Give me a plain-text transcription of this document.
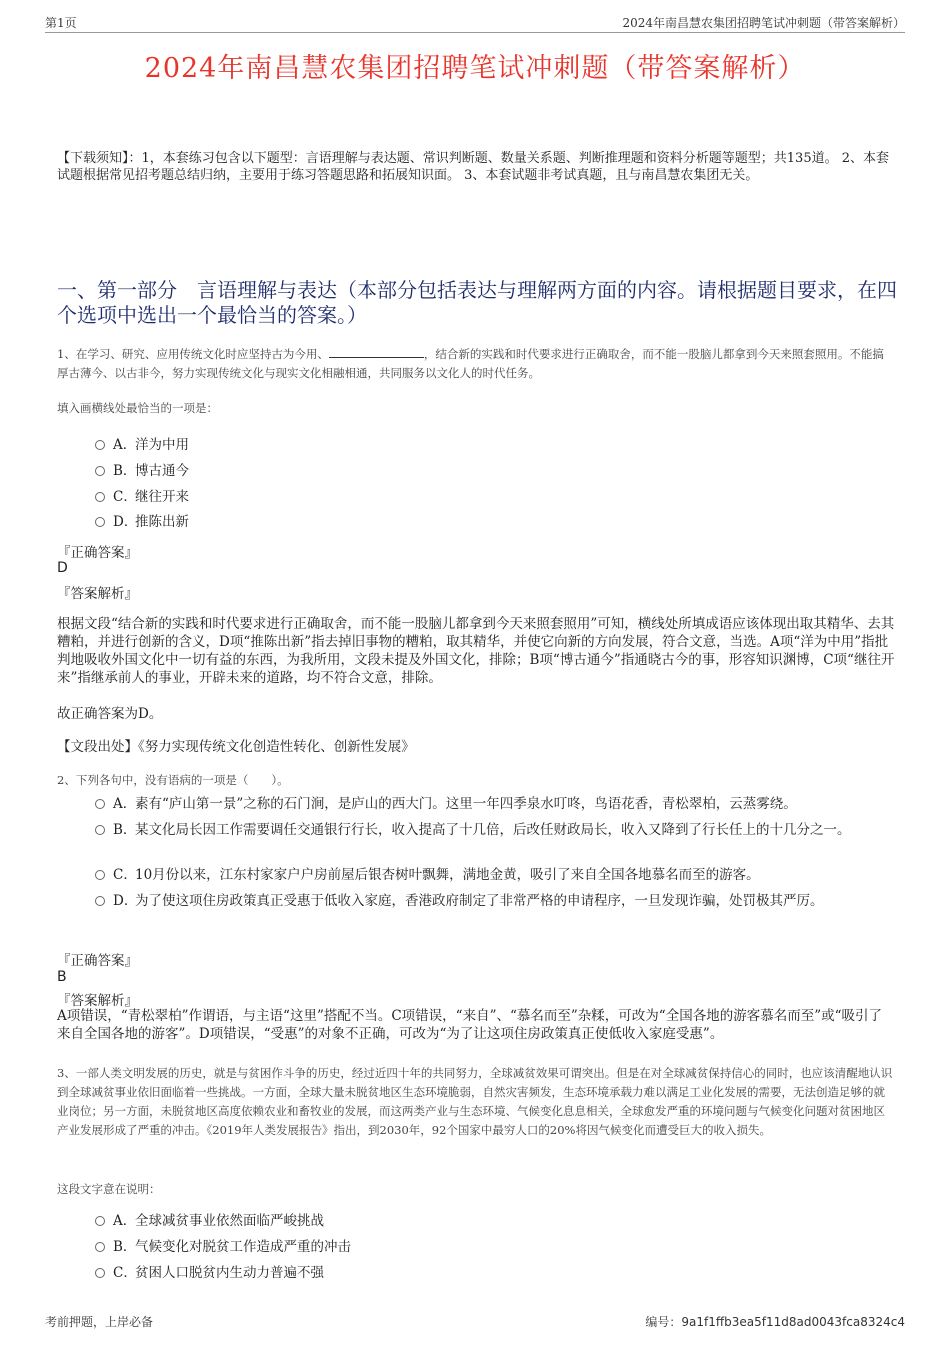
第1页	2024年南昌慧农集团招聘笔试冲刺题（带答案解析）
2024年南昌慧农集团招聘笔试冲刺题（带答案解析）
【下载须知】：1，本套练习包含以下题型：言语理解与表达题、常识判断题、数量关系题、判断推理题和资料分析题等题型；共135道。 2、本套试题根据常见招考题总结归纳，主要用于练习答题思路和拓展知识面。 3、本套试题非考试真题，且与南昌慧农集团无关。
一、第一部分　言语理解与表达（本部分包括表达与理解两方面的内容。请根据题目要求，在四个选项中选出一个最恰当的答案。）
1、在学习、研究、应用传统文化时应坚持古为今用、	，结合新的实践和时代要求进行正确取舍，而不能一股脑儿都拿到今天来照套照用。不能搞厚古薄今、以古非今，努力实现传统文化与现实文化相融相通，共同服务以文化人的时代任务。
填入画横线处最恰当的一项是：
A．洋为中用
B．博古通今
C．继往开来
D．推陈出新
『正确答案』
D
『答案解析』
根据文段“结合新的实践和时代要求进行正确取舍，而不能一股脑儿都拿到今天来照套照用”可知，横线处所填成语应该体现出取其精华、去其糟粕，并进行创新的含义，D项“推陈出新”指去掉旧事物的糟粕，取其精华，并使它向新的方向发展，符合文意，当选。A项“洋为中用”指批判地吸收外国文化中一切有益的东西，为我所用，文段未提及外国文化，排除；B项“博古通今”指通晓古今的事，形容知识渊博，C项“继往开来”指继承前人的事业，开辟未来的道路，均不符合文意，排除。
故正确答案为D。
【文段出处】《努力实现传统文化创造性转化、创新性发展》
2、下列各句中，没有语病的一项是（　　）。
A．素有“庐山第一景”之称的石门涧，是庐山的西大门。这里一年四季泉水叮咚，鸟语花香，青松翠柏，云蒸雾绕。
B．某文化局长因工作需要调任交通银行行长，收入提高了十几倍，后改任财政局长，收入又降到了行长任上的十几分之一。
C．10月份以来，江东村家家户户房前屋后银杏树叶飘舞，满地金黄，吸引了来自全国各地慕名而至的游客。
D．为了使这项住房政策真正受惠于低收入家庭，香港政府制定了非常严格的申请程序，一旦发现诈骗，处罚极其严厉。
『正确答案』
B
『答案解析』
A项错误，“青松翠柏”作谓语，与主语“这里”搭配不当。C项错误，“来自”、“慕名而至”杂糅，可改为“全国各地的游客慕名而至”或“吸引了来自全国各地的游客”。D项错误，“受惠”的对象不正确，可改为“为了让这项住房政策真正使低收入家庭受惠”。
3、一部人类文明发展的历史，就是与贫困作斗争的历史，经过近四十年的共同努力，全球减贫效果可谓突出。但是在对全球减贫保持信心的同时，也应该清醒地认识到全球减贫事业依旧面临着一些挑战。一方面，全球大量未脱贫地区生态环境脆弱，自然灾害频发，生态环境承载力难以满足工业化发展的需要，无法创造足够的就业岗位；另一方面，未脱贫地区高度依赖农业和畜牧业的发展，而这两类产业与生态环境、气候变化息息相关，全球愈发严重的环境问题与气候变化问题对贫困地区产业发展形成了严重的冲击。《2019年人类发展报告》指出，到2030年，92个国家中最穷人口的20%将因气候变化而遭受巨大的收入损失。
这段文字意在说明：
A．全球减贫事业依然面临严峻挑战
B．气候变化对脱贫工作造成严重的冲击
C．贫困人口脱贫内生动力普遍不强
考前押题，上岸必备	编号：9a1f1ffb3ea5f11d8ad0043fca8324c4
